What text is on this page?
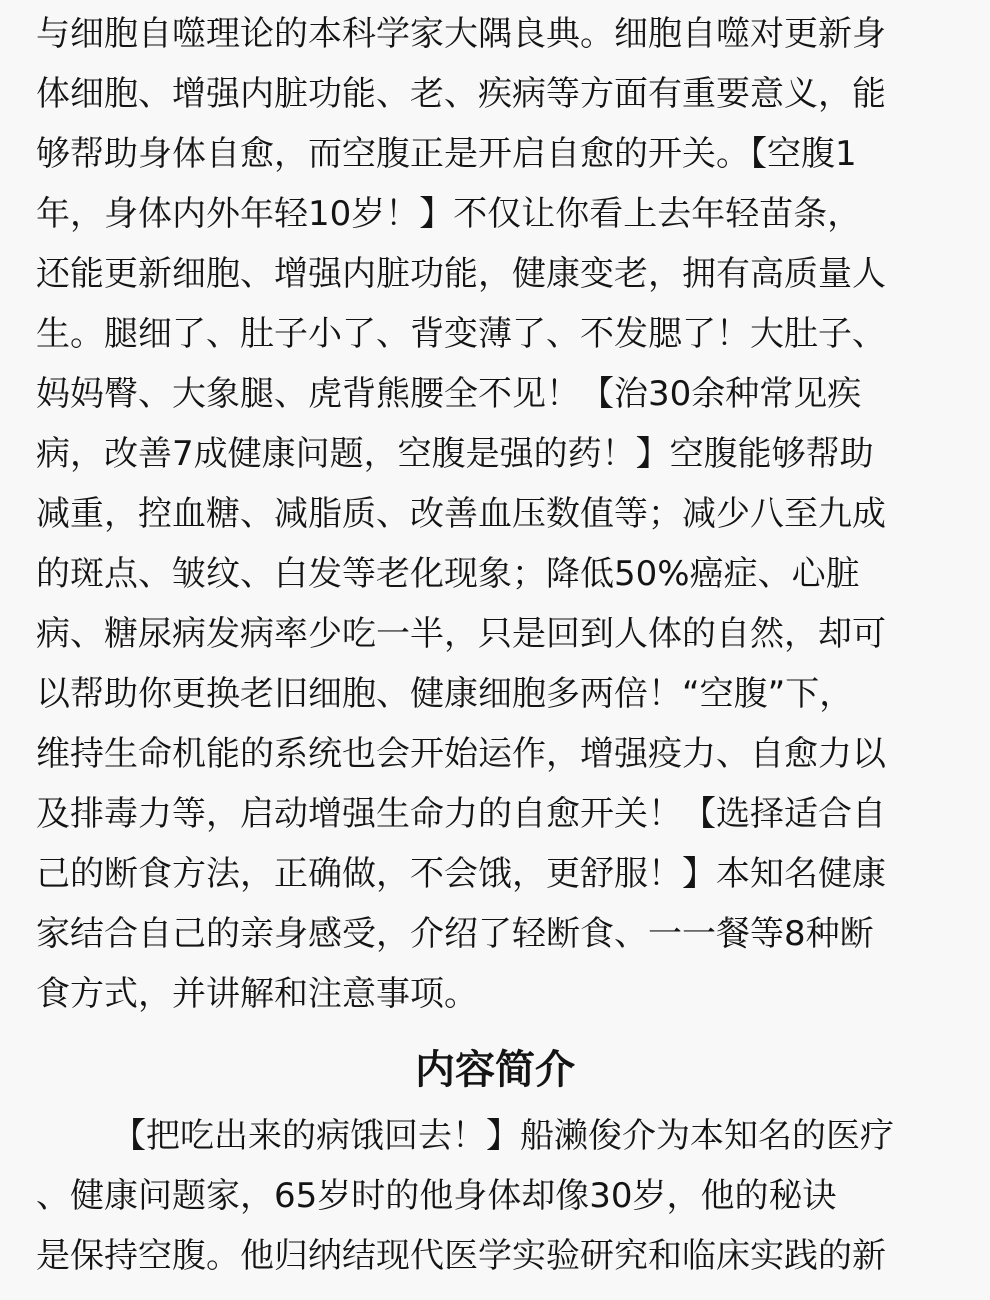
与细胞自噬理论的本科学家大隅良典。细胞自噬对更新身
体细胞、增强内脏功能、老、疾病等方面有重要意义，能
够帮助身体自愈，而空腹正是开启自愈的开关。【空腹1
年，身体内外年轻10岁！】不仅让你看上去年轻苗条，
还能更新细胞、增强内脏功能，健康变老，拥有高质量人
生。腿细了、肚子小了、背变薄了、不发腮了！大肚子、
妈妈臀、大象腿、虎背熊腰全不见！【治30余种常见疾
病，改善7成健康问题，空腹是强的药！】空腹能够帮助
减重，控血糖、减脂质、改善血压数值等；减少八至九成
的斑点、皱纹、白发等老化现象；降低50%癌症、心脏
病、糖尿病发病率少吃一半，只是回到人体的自然，却可
以帮助你更换老旧细胞、健康细胞多两倍！“空腹”下，
维持生命机能的系统也会开始运作，增强疫力、自愈力以
及排毒力等，启动增强生命力的自愈开关！【选择适合自
己的断食方法，正确做，不会饿，更舒服！】本知名健康
家结合自己的亲身感受，介绍了轻断食、一一餐等8种断
食方式，并讲解和注意事项。
内容简介
【把吃出来的病饿回去！】船濑俊介为本知名的医疗
、健康问题家，65岁时的他身体却像30岁，他的秘诀
是保持空腹。他归纳结现代医学实验研究和临床实践的新
